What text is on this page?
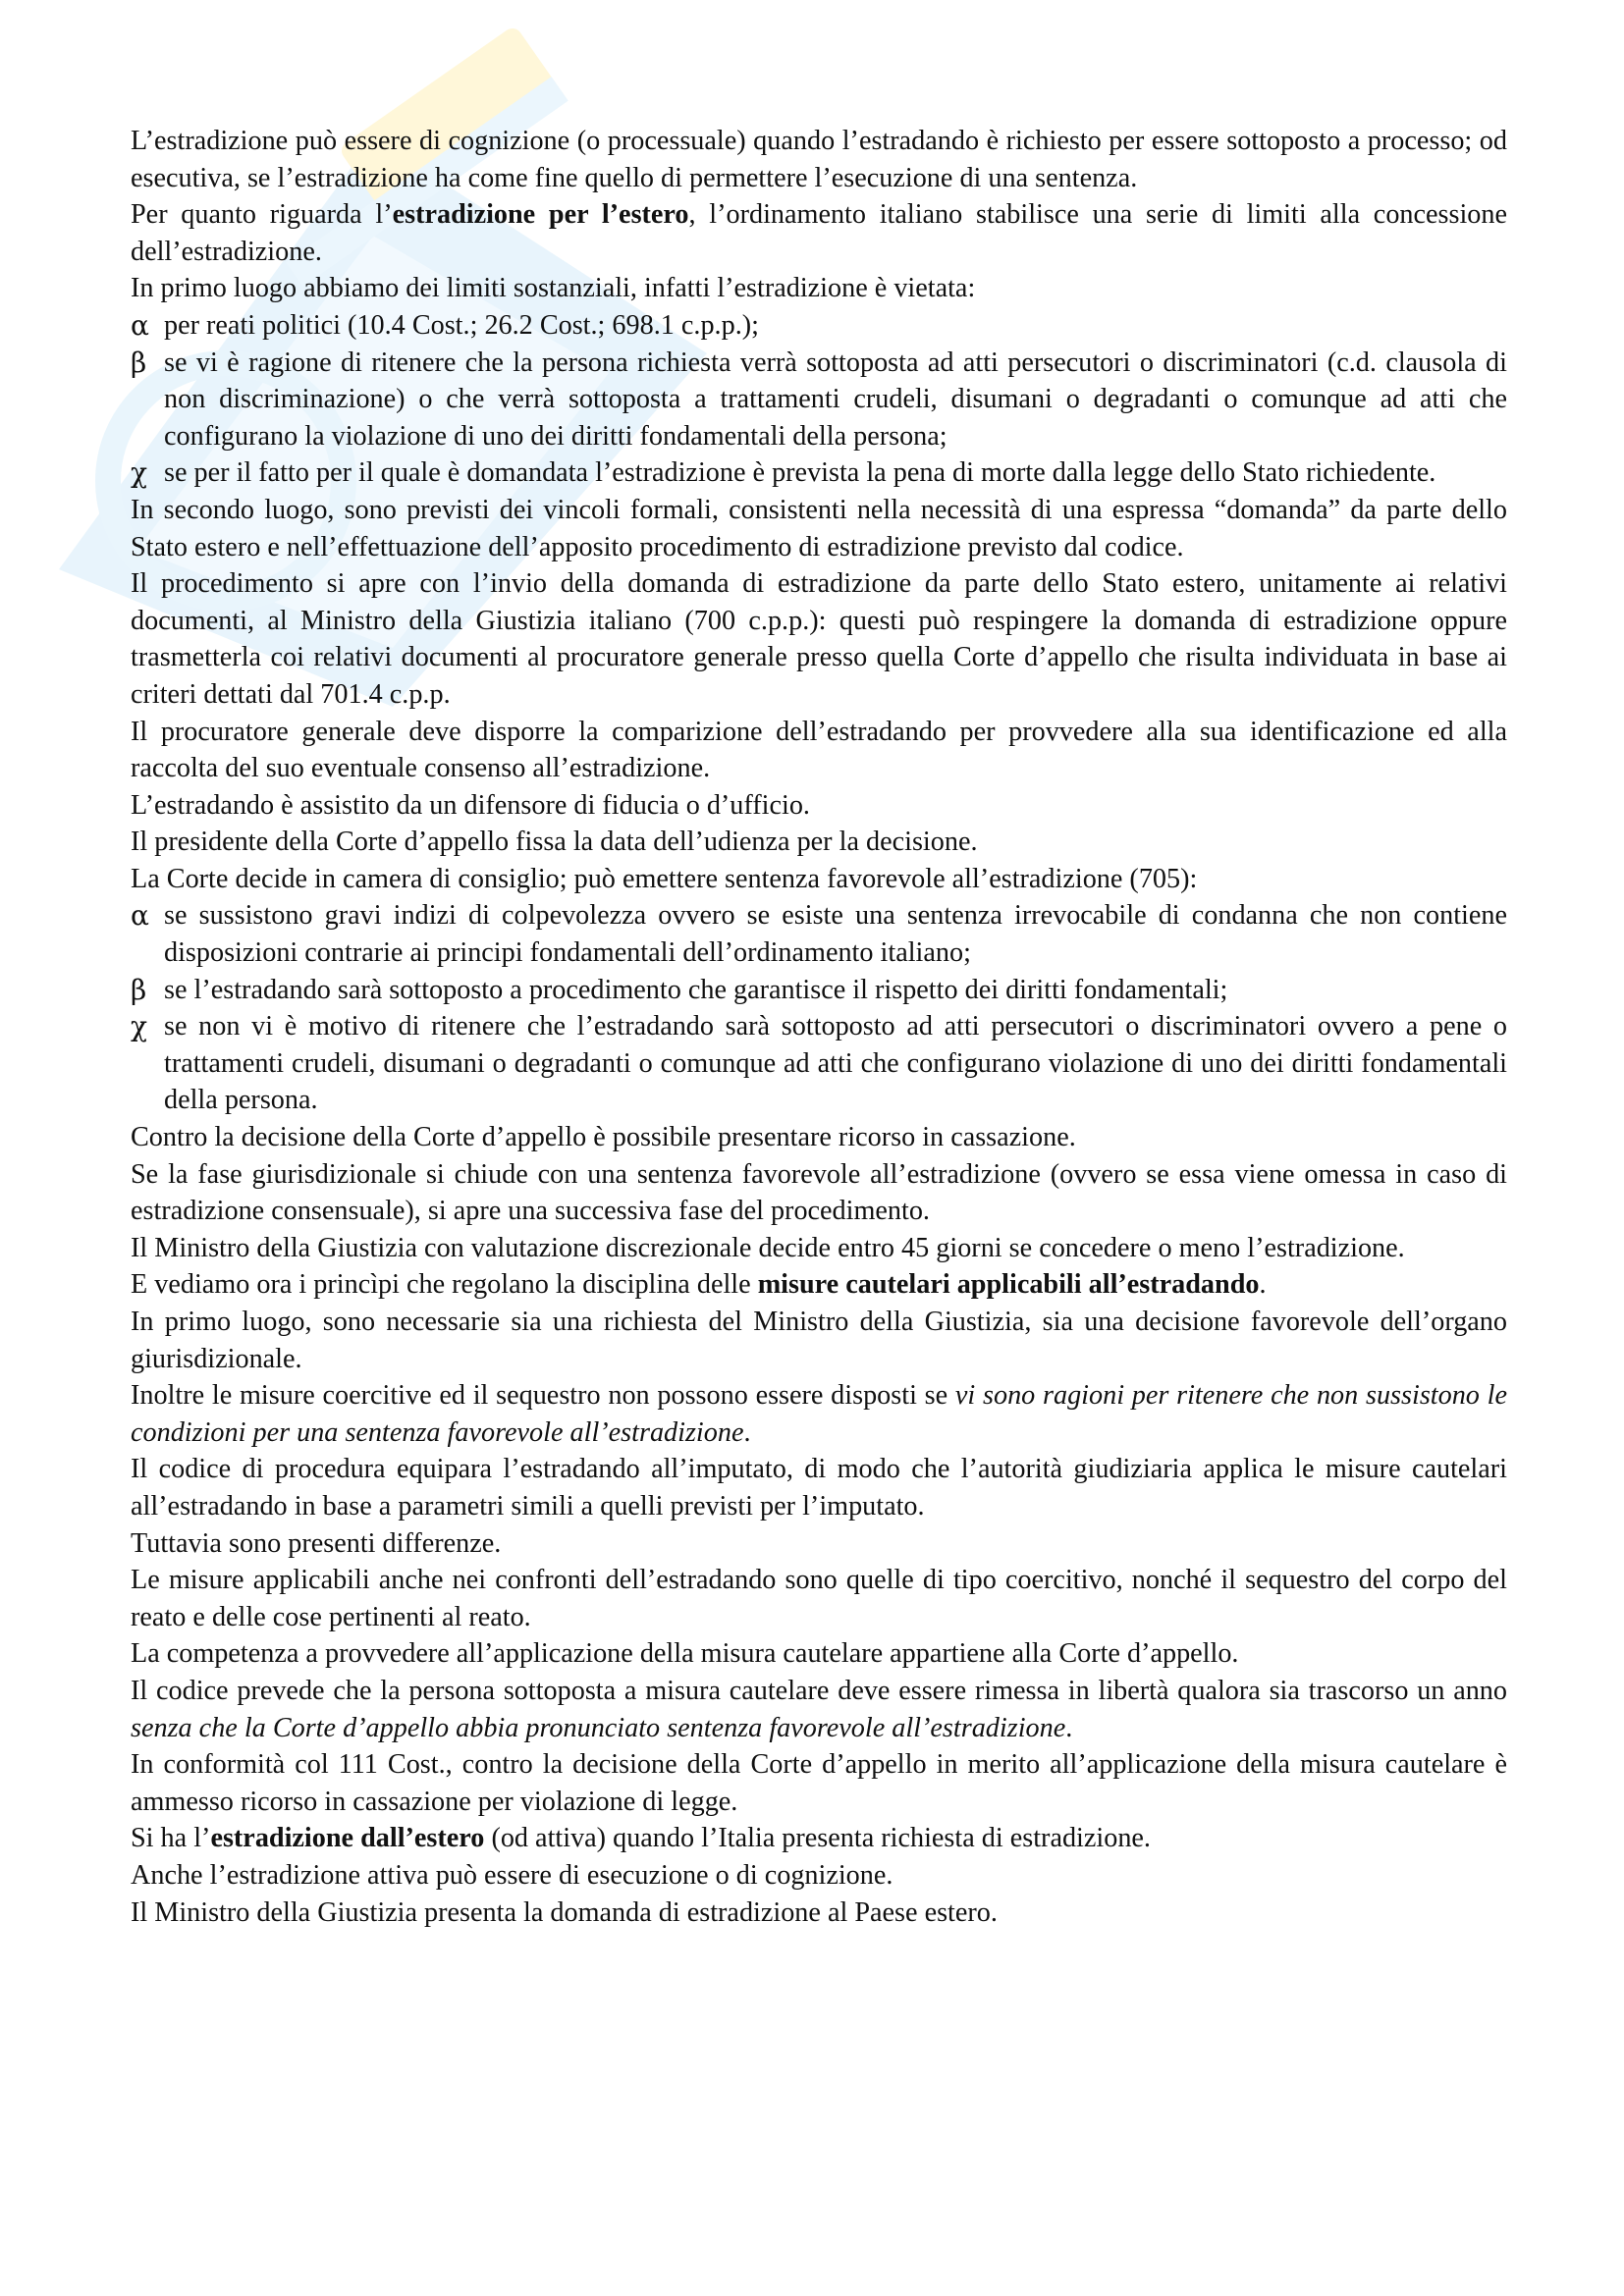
L’estradizione può essere di cognizione (o processuale) quando l’estradando è richiesto per essere sottoposto a processo; od esecutiva, se l’estradizione ha come fine quello di permettere l’esecuzione di una sentenza.

Per quanto riguarda l’estradizione per l’estero, l’ordinamento italiano stabilisce una serie di limiti alla concessione dell’estradizione.

In primo luogo abbiamo dei limiti sostanziali, infatti l’estradizione è vietata:

α per reati politici (10.4 Cost.; 26.2 Cost.; 698.1 c.p.p.);
β se vi è ragione di ritenere che la persona richiesta verrà sottoposta ad atti persecutori o discriminatori (c.d. clausola di non discriminazione) o che verrà sottoposta a trattamenti crudeli, disumani o degradanti o comunque ad atti che configurano la violazione di uno dei diritti fondamentali della persona;
χ se per il fatto per il quale è domandata l’estradizione è prevista la pena di morte dalla legge dello Stato richiedente.

In secondo luogo, sono previsti dei vincoli formali, consistenti nella necessità di una espressa “domanda” da parte dello Stato estero e nell’effettuazione dell’apposito procedimento di estradizione previsto dal codice.

Il procedimento si apre con l’invio della domanda di estradizione da parte dello Stato estero, unitamente ai relativi documenti, al Ministro della Giustizia italiano (700 c.p.p.): questi può respingere la domanda di estradizione oppure trasmetterla coi relativi documenti al procuratore generale presso quella Corte d’appello che risulta individuata in base ai criteri dettati dal 701.4 c.p.p.

Il procuratore generale deve disporre la comparizione dell’estradando per provvedere alla sua identificazione ed alla raccolta del suo eventuale consenso all’estradizione.

L’estradando è assistito da un difensore di fiducia o d’ufficio.

Il presidente della Corte d’appello fissa la data dell’udienza per la decisione.

La Corte decide in camera di consiglio; può emettere sentenza favorevole all’estradizione (705):

α se sussistono gravi indizi di colpevolezza ovvero se esiste una sentenza irrevocabile di condanna che non contiene disposizioni contrarie ai principi fondamentali dell’ordinamento italiano;
β se l’estradando sarà sottoposto a procedimento che garantisce il rispetto dei diritti fondamentali;
χ se non vi è motivo di ritenere che l’estradando sarà sottoposto ad atti persecutori o discriminatori ovvero a pene o trattamenti crudeli, disumani o degradanti o comunque ad atti che configurano violazione di uno dei diritti fondamentali della persona.

Contro la decisione della Corte d’appello è possibile presentare ricorso in cassazione.

Se la fase giurisdizionale si chiude con una sentenza favorevole all’estradizione (ovvero se essa viene omessa in caso di estradizione consensuale), si apre una successiva fase del procedimento.

Il Ministro della Giustizia con valutazione discrezionale decide entro 45 giorni se concedere o meno l’estradizione.

E vediamo ora i princìpi che regolano la disciplina delle misure cautelari applicabili all’estradando.

In primo luogo, sono necessarie sia una richiesta del Ministro della Giustizia, sia una decisione favorevole dell’organo giurisdizionale.

Inoltre le misure coercitive ed il sequestro non possono essere disposti se vi sono ragioni per ritenere che non sussistono le condizioni per una sentenza favorevole all’estradizione.

Il codice di procedura equipara l’estradando all’imputato, di modo che l’autorità giudiziaria applica le misure cautelari all’estradando in base a parametri simili a quelli previsti per l’imputato.

Tuttavia sono presenti differenze.

Le misure applicabili anche nei confronti dell’estradando sono quelle di tipo coercitivo, nonché il sequestro del corpo del reato e delle cose pertinenti al reato.

La competenza a provvedere all’applicazione della misura cautelare appartiene alla Corte d’appello.

Il codice prevede che la persona sottoposta a misura cautelare deve essere rimessa in libertà qualora sia trascorso un anno senza che la Corte d’appello abbia pronunciato sentenza favorevole all’estradizione.

In conformità col 111 Cost., contro la decisione della Corte d’appello in merito all’applicazione della misura cautelare è ammesso ricorso in cassazione per violazione di legge.

Si ha l’estradizione dall’estero (od attiva) quando l’Italia presenta richiesta di estradizione.

Anche l’estradizione attiva può essere di esecuzione o di cognizione.

Il Ministro della Giustizia presenta la domanda di estradizione al Paese estero.
